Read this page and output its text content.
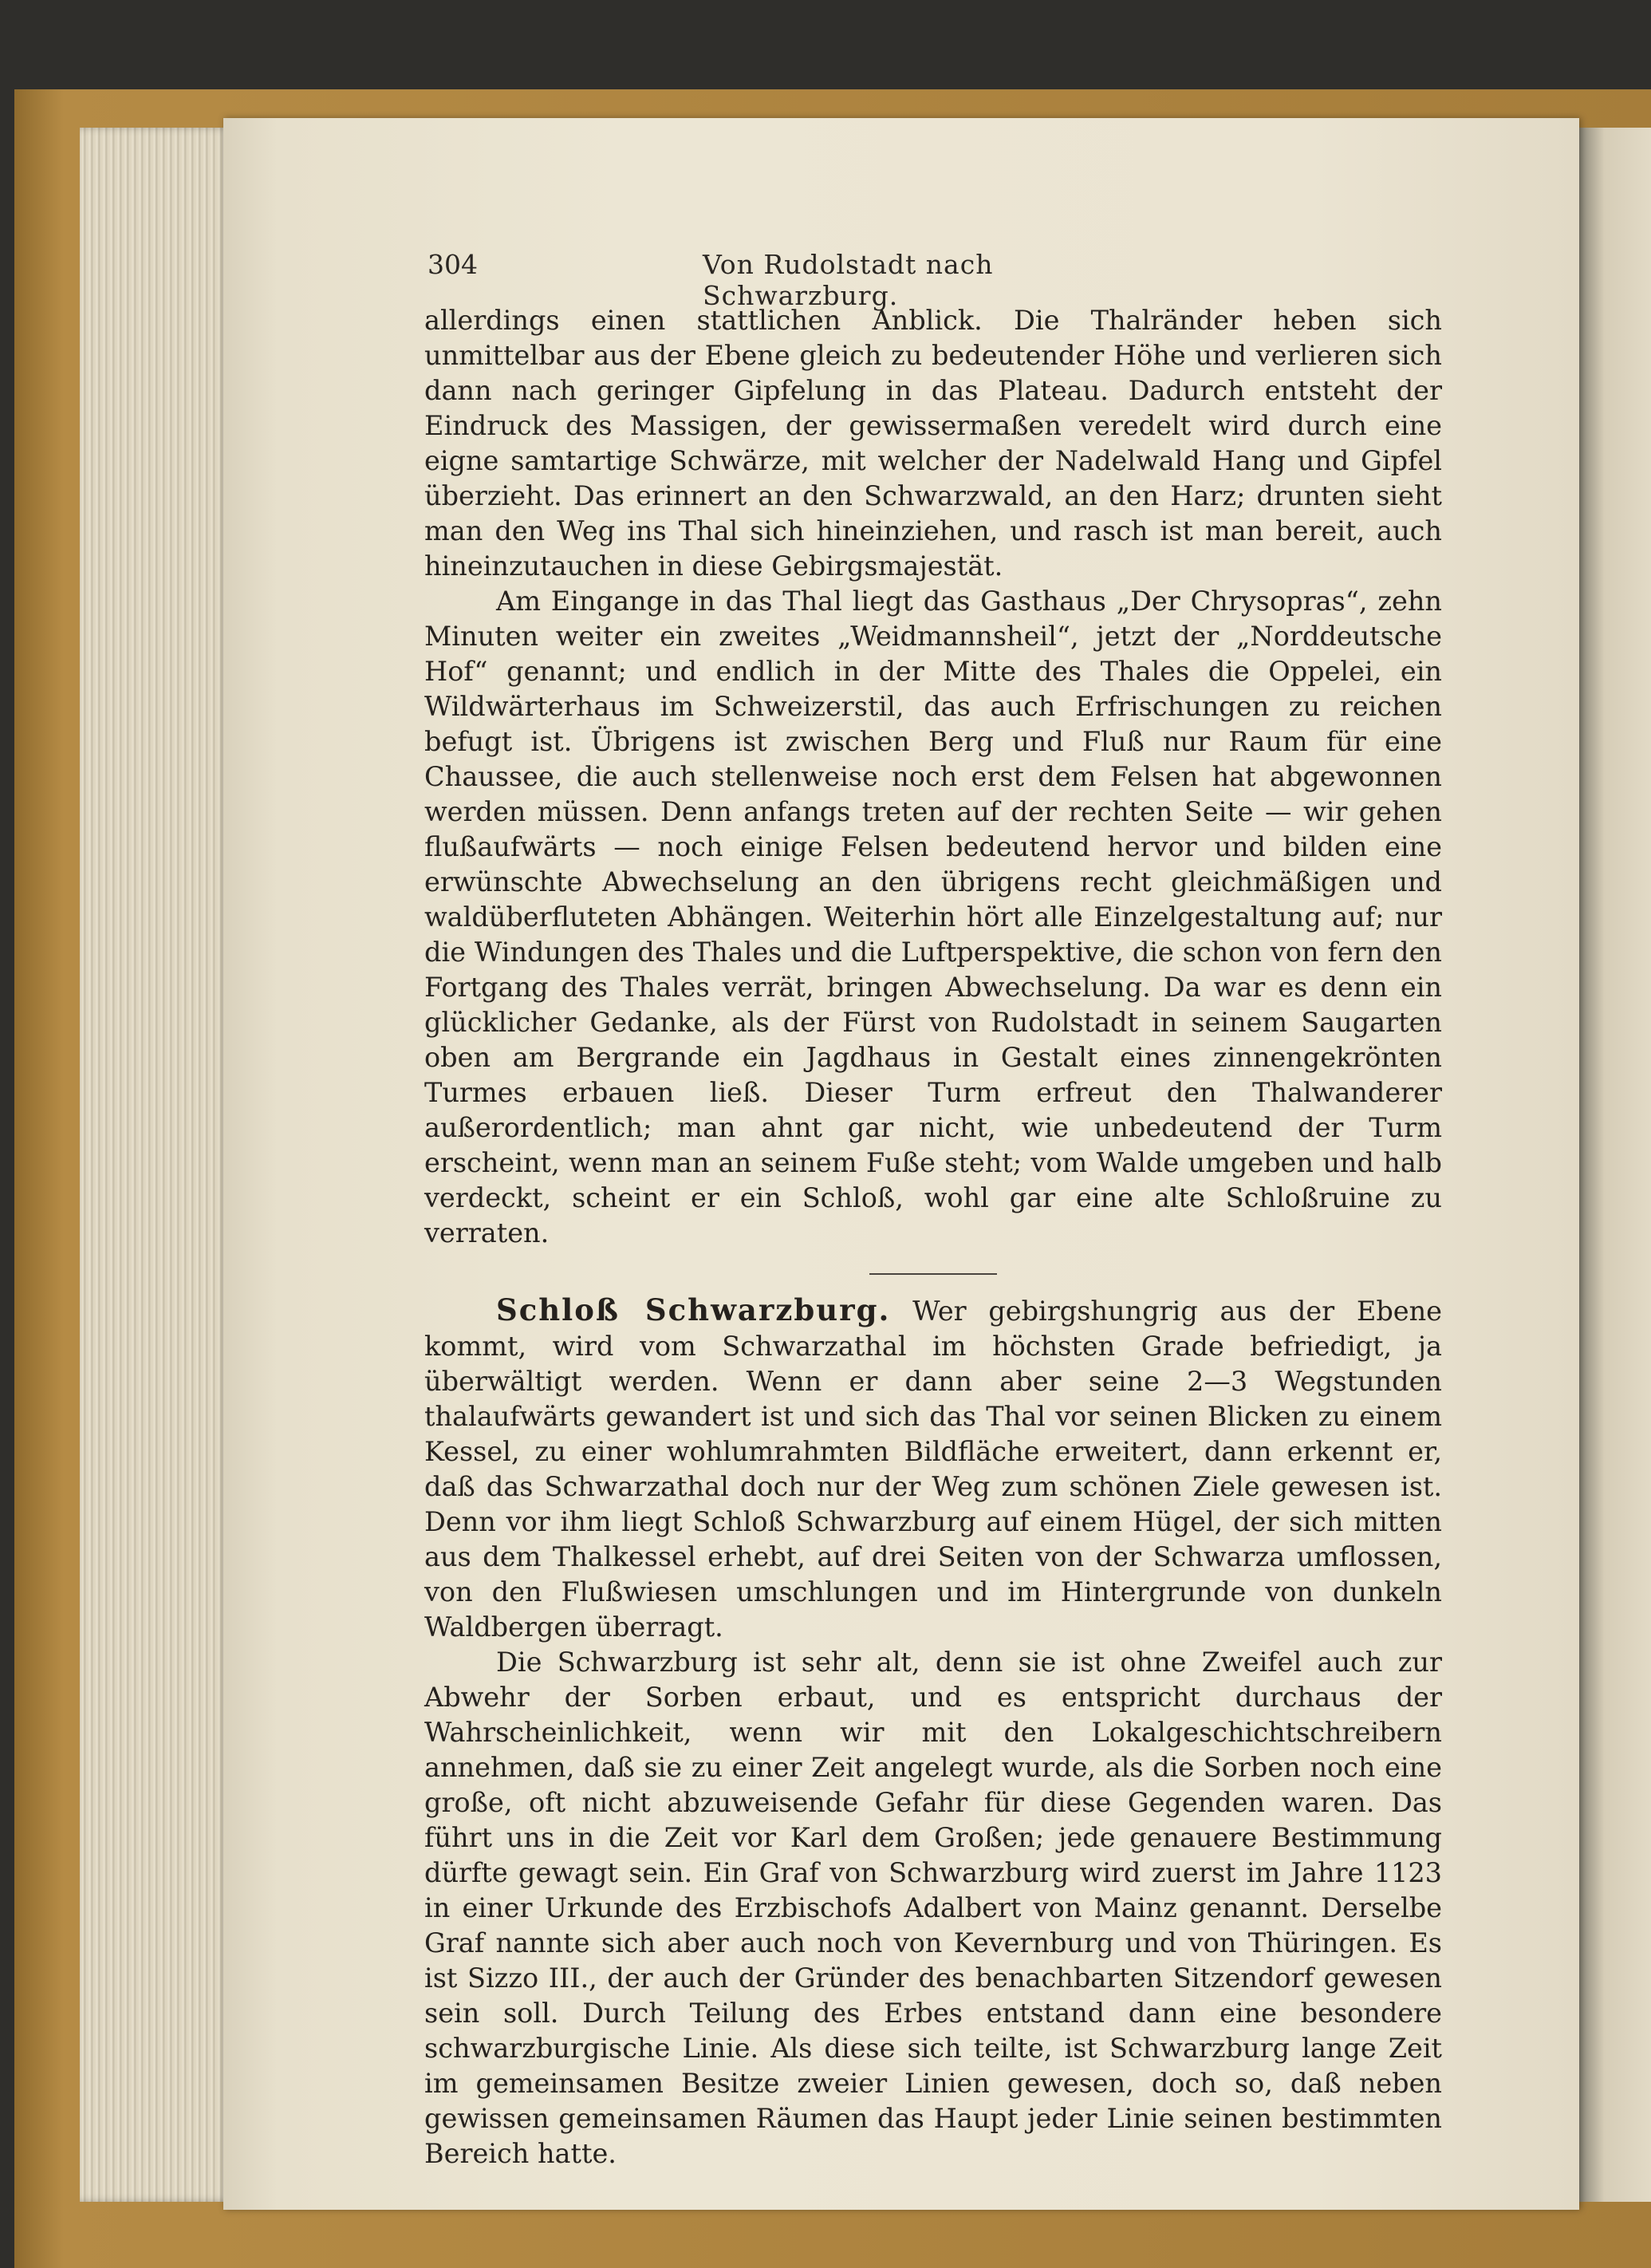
304	Von Rudolstadt nach Schwarzburg.

allerdings einen stattlichen Anblick. Die Thalränder heben sich unmittelbar aus der Ebene gleich zu bedeutender Höhe und verlieren sich dann nach geringer Gipfelung in das Plateau. Dadurch entsteht der Eindruck des Massigen, der gewissermaßen veredelt wird durch eine eigne samtartige Schwärze, mit welcher der Nadelwald Hang und Gipfel überzieht. Das erinnert an den Schwarzwald, an den Harz; drunten sieht man den Weg ins Thal sich hineinziehen, und rasch ist man bereit, auch hineinzutauchen in diese Gebirgsmajestät.

Am Eingange in das Thal liegt das Gasthaus „Der Chrysopras“, zehn Minuten weiter ein zweites „Weidmannsheil“, jetzt der „Norddeutsche Hof“ genannt; und endlich in der Mitte des Thales die Oppelei, ein Wildwärterhaus im Schweizerstil, das auch Erfrischungen zu reichen befugt ist. Übrigens ist zwischen Berg und Fluß nur Raum für eine Chaussee, die auch stellenweise noch erst dem Felsen hat abgewonnen werden müssen. Denn anfangs treten auf der rechten Seite — wir gehen flußaufwärts — noch einige Felsen bedeutend hervor und bilden eine erwünschte Abwechselung an den übrigens recht gleichmäßigen und waldüberfluteten Abhängen. Weiterhin hört alle Einzelgestaltung auf; nur die Windungen des Thales und die Luftperspektive, die schon von fern den Fortgang des Thales verrät, bringen Abwechselung. Da war es denn ein glücklicher Gedanke, als der Fürst von Rudolstadt in seinem Saugarten oben am Bergrande ein Jagdhaus in Gestalt eines zinnengekrönten Turmes erbauen ließ. Dieser Turm erfreut den Thalwanderer außerordentlich; man ahnt gar nicht, wie unbedeutend der Turm erscheint, wenn man an seinem Fuße steht; vom Walde umgeben und halb verdeckt, scheint er ein Schloß, wohl gar eine alte Schloßruine zu verraten.

Schloß Schwarzburg. Wer gebirgshungrig aus der Ebene kommt, wird vom Schwarzathal im höchsten Grade befriedigt, ja überwältigt werden. Wenn er dann aber seine 2—3 Wegstunden thalaufwärts gewandert ist und sich das Thal vor seinen Blicken zu einem Kessel, zu einer wohlumrahmten Bildfläche erweitert, dann erkennt er, daß das Schwarzathal doch nur der Weg zum schönen Ziele gewesen ist. Denn vor ihm liegt Schloß Schwarzburg auf einem Hügel, der sich mitten aus dem Thalkessel erhebt, auf drei Seiten von der Schwarza umflossen, von den Flußwiesen umschlungen und im Hintergrunde von dunkeln Waldbergen überragt.

Die Schwarzburg ist sehr alt, denn sie ist ohne Zweifel auch zur Abwehr der Sorben erbaut, und es entspricht durchaus der Wahrscheinlichkeit, wenn wir mit den Lokalgeschichtschreibern annehmen, daß sie zu einer Zeit angelegt wurde, als die Sorben noch eine große, oft nicht abzuweisende Gefahr für diese Gegenden waren. Das führt uns in die Zeit vor Karl dem Großen; jede genauere Bestimmung dürfte gewagt sein. Ein Graf von Schwarzburg wird zuerst im Jahre 1123 in einer Urkunde des Erzbischofs Adalbert von Mainz genannt. Derselbe Graf nannte sich aber auch noch von Kevernburg und von Thüringen. Es ist Sizzo III., der auch der Gründer des benachbarten Sitzendorf gewesen sein soll. Durch Teilung des Erbes entstand dann eine besondere schwarzburgische Linie. Als diese sich teilte, ist Schwarzburg lange Zeit im gemeinsamen Besitze zweier Linien gewesen, doch so, daß neben gewissen gemeinsamen Räumen das Haupt jeder Linie seinen bestimmten Bereich hatte.
